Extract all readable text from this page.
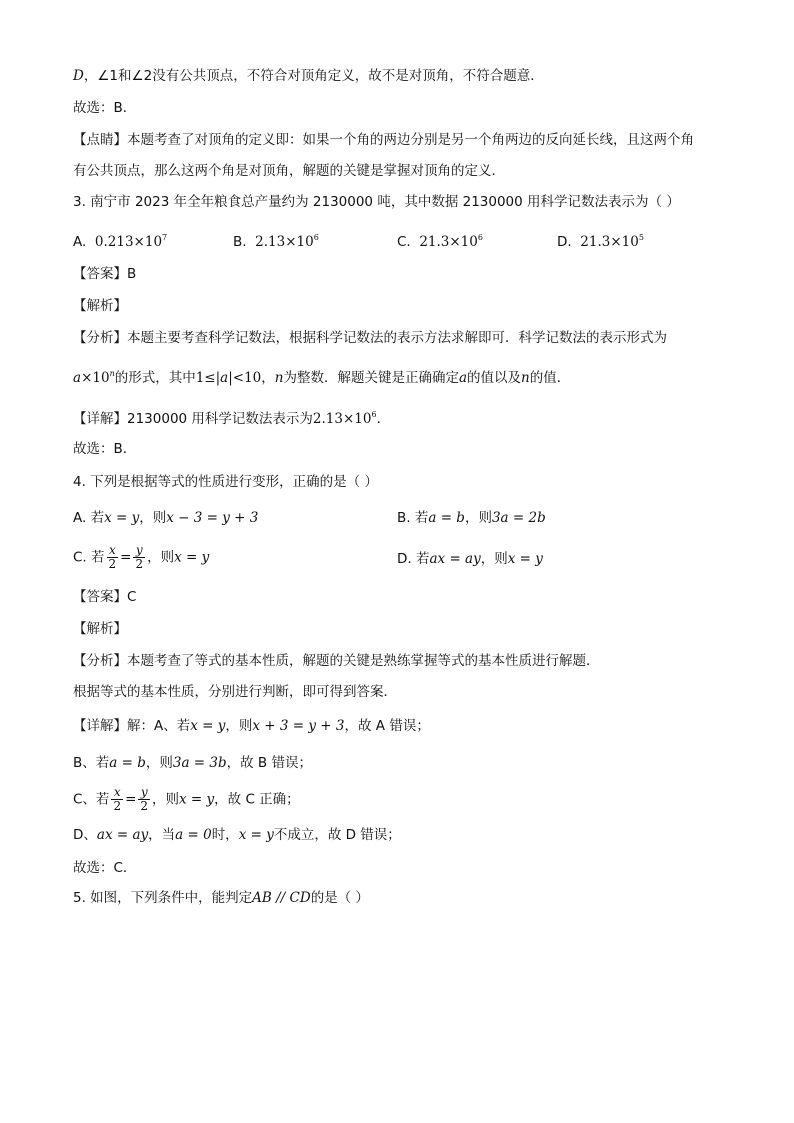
D，∠1和∠2没有公共顶点，不符合对顶角定义，故不是对顶角，不符合题意．
故选：B．
【点睛】本题考查了对顶角的定义即：如果一个角的两边分别是另一个角两边的反向延长线，且这两个角
有公共顶点，那么这两个角是对顶角，解题的关键是掌握对顶角的定义．
3. 南宁市 2023 年全年粮食总产量约为 2130000 吨，其中数据 2130000 用科学记数法表示为（ ）
A. $0.213\times 10^7$	B. $2.13\times 10^6$	C. $21.3\times 10^6$	D. $21.3\times 10^5$
【答案】B
【解析】
【分析】本题主要考查科学记数法，根据科学记数法的表示方法求解即可．科学记数法的表示形式为
$a\times 10^n$的形式，其中1≤|a|<10，n为整数．解题关键是正确确定a的值以及n的值．
【详解】2130000 用科学记数法表示为$2.13\times 10^6$．
故选：B．
4. 下列是根据等式的性质进行变形，正确的是（ ）
A. 若x = y，则x − 3 = y + 3	B. 若a = b，则3a = 2b
C. 若 $\frac{x}{2} = \frac{y}{2}$ ，则x = y	D. 若ax = ay，则x = y
【答案】C
【解析】
【分析】本题考查了等式的基本性质，解题的关键是熟练掌握等式的基本性质进行解题．
根据等式的基本性质，分别进行判断，即可得到答案．
【详解】解：A、若x = y，则x + 3 = y + 3，故 A 错误；
B、若a = b，则3a = 3b，故 B 错误；
C、若 $\frac{x}{2} = \frac{y}{2}$ ，则x = y，故 C 正确；
D、ax = ay，当a = 0时，x = y不成立，故 D 错误；
故选：C．
5. 如图，下列条件中，能判定AB // CD的是（ ）
